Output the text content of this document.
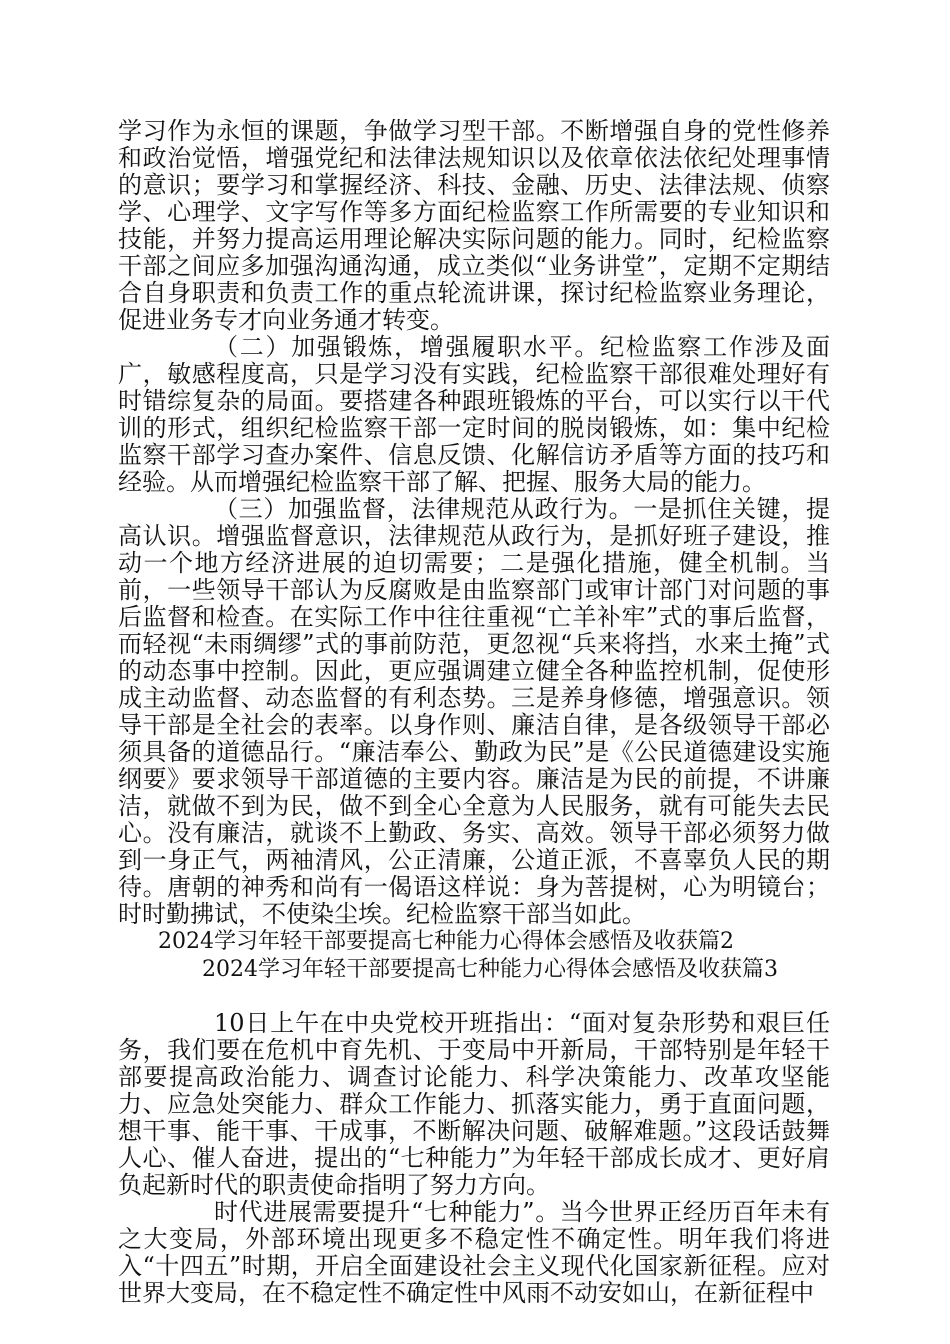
学习作为永恒的课题，争做学习型干部。不断增强自身的党性修养和政治觉悟，增强党纪和法律法规知识以及依章依法依纪处理事情的意识；要学习和掌握经济、科技、金融、历史、法律法规、侦察学、心理学、文字写作等多方面纪检监察工作所需要的专业知识和技能，并努力提高运用理论解决实际问题的能力。同时，纪检监察干部之间应多加强沟通沟通，成立类似“业务讲堂”，定期不定期结合自身职责和负责工作的重点轮流讲课，探讨纪检监察业务理论，促进业务专才向业务通才转变。

（二）加强锻炼，增强履职水平。纪检监察工作涉及面广，敏感程度高，只是学习没有实践，纪检监察干部很难处理好有时错综复杂的局面。要搭建各种跟班锻炼的平台，可以实行以干代训的形式，组织纪检监察干部一定时间的脱岗锻炼，如：集中纪检监察干部学习查办案件、信息反馈、化解信访矛盾等方面的技巧和经验。从而增强纪检监察干部了解、把握、服务大局的能力。

（三）加强监督，法律规范从政行为。一是抓住关键，提高认识。增强监督意识，法律规范从政行为，是抓好班子建设，推动一个地方经济进展的迫切需要；二是强化措施，健全机制。当前，一些领导干部认为反腐败是由监察部门或审计部门对问题的事后监督和检查。在实际工作中往往重视“亡羊补牢”式的事后监督，而轻视“未雨绸缪”式的事前防范，更忽视“兵来将挡，水来土掩”式的动态事中控制。因此，更应强调建立健全各种监控机制，促使形成主动监督、动态监督的有利态势。三是养身修德，增强意识。领导干部是全社会的表率。以身作则、廉洁自律，是各级领导干部必须具备的道德品行。“廉洁奉公、勤政为民”是《公民道德建设实施纲要》要求领导干部道德的主要内容。廉洁是为民的前提，不讲廉洁，就做不到为民，做不到全心全意为人民服务，就有可能失去民心。没有廉洁，就谈不上勤政、务实、高效。领导干部必须努力做到一身正气，两袖清风，公正清廉，公道正派，不喜辜负人民的期待。唐朝的神秀和尚有一偈语这样说：身为菩提树，心为明镜台；时时勤拂试，不使染尘埃。纪检监察干部当如此。

2024学习年轻干部要提高七种能力心得体会感悟及收获篇2
2024学习年轻干部要提高七种能力心得体会感悟及收获篇3

10日上午在中央党校开班指出：“面对复杂形势和艰巨任务，我们要在危机中育先机、于变局中开新局，干部特别是年轻干部要提高政治能力、调查讨论能力、科学决策能力、改革攻坚能力、应急处突能力、群众工作能力、抓落实能力，勇于直面问题，想干事、能干事、干成事，不断解决问题、破解难题。”这段话鼓舞人心、催人奋进，提出的“七种能力”为年轻干部成长成才、更好肩负起新时代的职责使命指明了努力方向。

时代进展需要提升“七种能力”。当今世界正经历百年未有之大变局，外部环境出现更多不稳定性不确定性。明年我们将进入“十四五”时期，开启全面建设社会主义现代化国家新征程。应对世界大变局，在不稳定性不确定性中风雨不动安如山，在新征程中
